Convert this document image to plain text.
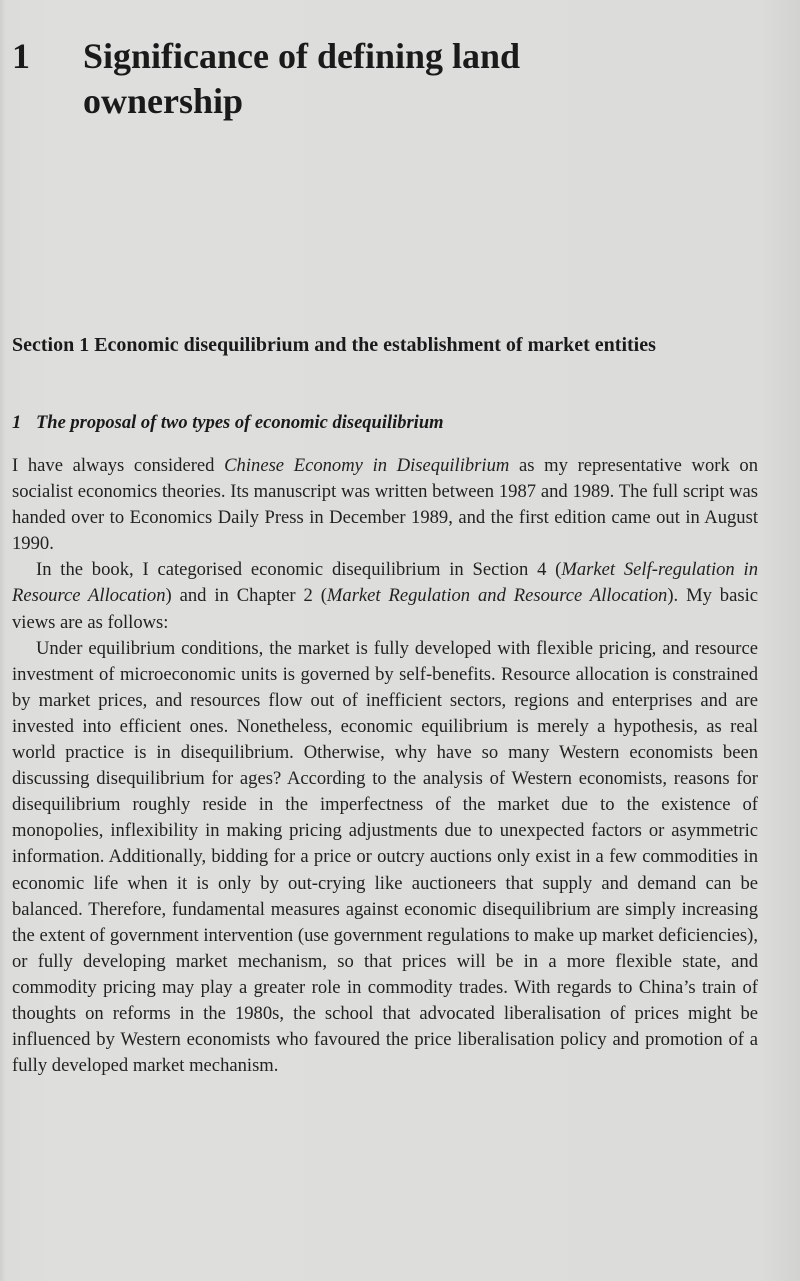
1	Significance of defining land ownership
Section 1 Economic disequilibrium and the establishment of market entities
1 The proposal of two types of economic disequilibrium

I have always considered Chinese Economy in Disequilibrium as my representative work on socialist economics theories. Its manuscript was written between 1987 and 1989. The full script was handed over to Economics Daily Press in December 1989, and the first edition came out in August 1990.

In the book, I categorised economic disequilibrium in Section 4 (Market Self-regulation in Resource Allocation) and in Chapter 2 (Market Regulation and Resource Allocation). My basic views are as follows:

Under equilibrium conditions, the market is fully developed with flexible pricing, and resource investment of microeconomic units is governed by self-benefits. Resource allocation is constrained by market prices, and resources flow out of inefficient sectors, regions and enterprises and are invested into efficient ones. Nonetheless, economic equilibrium is merely a hypothesis, as real world practice is in disequilibrium. Otherwise, why have so many Western economists been discussing disequilibrium for ages? According to the analysis of Western economists, reasons for disequilibrium roughly reside in the imperfectness of the market due to the existence of monopolies, inflexibility in making pricing adjustments due to unexpected factors or asymmetric information. Additionally, bidding for a price or outcry auctions only exist in a few commodities in economic life when it is only by out-crying like auctioneers that supply and demand can be balanced. Therefore, fundamental measures against economic disequilibrium are simply increasing the extent of government intervention (use government regulations to make up market deficiencies), or fully developing market mechanism, so that prices will be in a more flexible state, and commodity pricing may play a greater role in commodity trades. With regards to China’s train of thoughts on reforms in the 1980s, the school that advocated liberalisation of prices might be influenced by Western economists who favoured the price liberalisation policy and promotion of a fully developed market mechanism.
